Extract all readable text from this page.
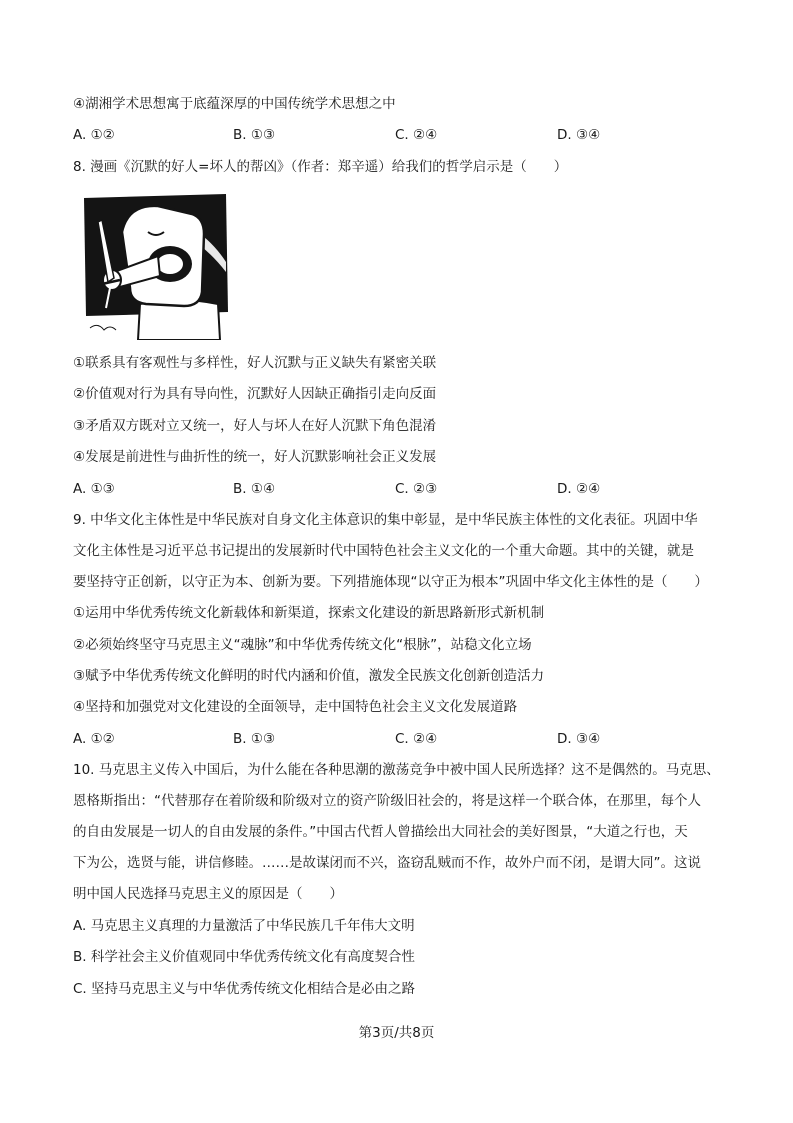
④湖湘学术思想寓于底蕴深厚的中国传统学术思想之中
A. ①②	B. ①③	C. ②④	D. ③④
8. 漫画《沉默的好人=坏人的帮凶》（作者：郑辛遥）给我们的哲学启示是（　　）
①联系具有客观性与多样性，好人沉默与正义缺失有紧密关联
②价值观对行为具有导向性，沉默好人因缺正确指引走向反面
③矛盾双方既对立又统一，好人与坏人在好人沉默下角色混淆
④发展是前进性与曲折性的统一，好人沉默影响社会正义发展
A. ①③	B. ①④	C. ②③	D. ②④
9. 中华文化主体性是中华民族对自身文化主体意识的集中彰显，是中华民族主体性的文化表征。巩固中华
文化主体性是习近平总书记提出的发展新时代中国特色社会主义文化的一个重大命题。其中的关键，就是
要坚持守正创新，以守正为本、创新为要。下列措施体现“以守正为根本”巩固中华文化主体性的是（　　）
①运用中华优秀传统文化新载体和新渠道，探索文化建设的新思路新形式新机制
②必须始终坚守马克思主义“魂脉”和中华优秀传统文化“根脉”，站稳文化立场
③赋予中华优秀传统文化鲜明的时代内涵和价值，激发全民族文化创新创造活力
④坚持和加强党对文化建设的全面领导，走中国特色社会主义文化发展道路
A. ①②	B. ①③	C. ②④	D. ③④
10. 马克思主义传入中国后，为什么能在各种思潮的激荡竞争中被中国人民所选择？这不是偶然的。马克思、
恩格斯指出：“代替那存在着阶级和阶级对立的资产阶级旧社会的，将是这样一个联合体，在那里，每个人
的自由发展是一切人的自由发展的条件。”中国古代哲人曾描绘出大同社会的美好图景，“大道之行也，天
下为公，选贤与能，讲信修睦。……是故谋闭而不兴，盗窃乱贼而不作，故外户而不闭，是谓大同”。这说
明中国人民选择马克思主义的原因是（　　）
A. 马克思主义真理的力量激活了中华民族几千年伟大文明
B. 科学社会主义价值观同中华优秀传统文化有高度契合性
C. 坚持马克思主义与中华优秀传统文化相结合是必由之路
第3页/共8页
